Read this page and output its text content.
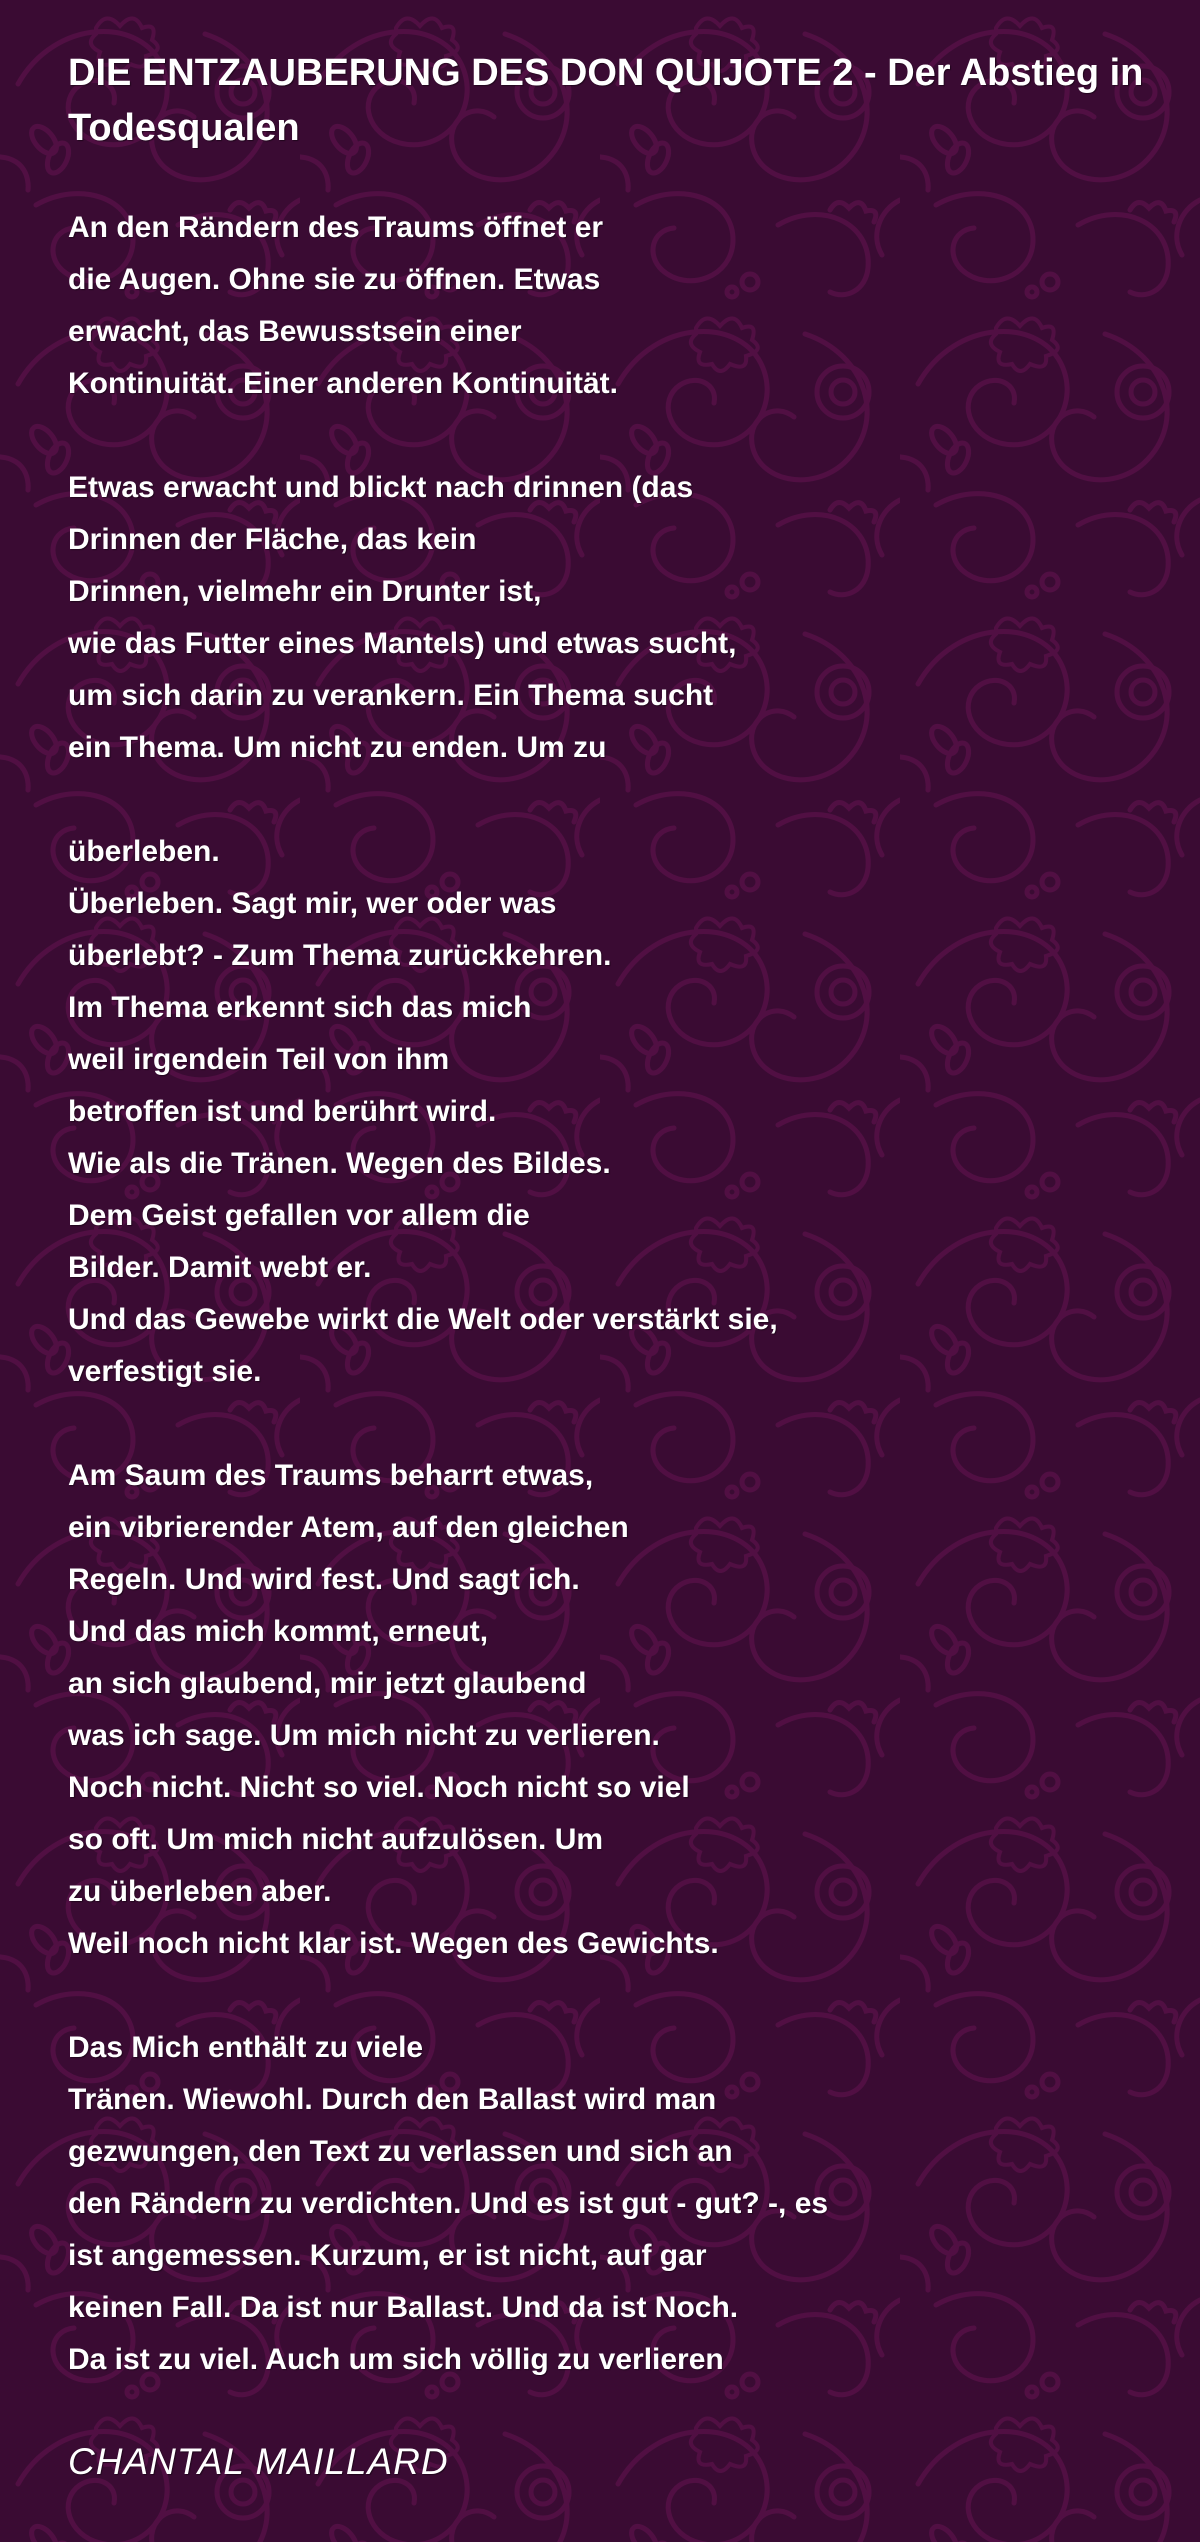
DIE ENTZAUBERUNG DES DON QUIJOTE 2 - Der Abstieg in
Todesqualen
An den Rändern des Traums öffnet er
die Augen. Ohne sie zu öffnen. Etwas
erwacht, das Bewusstsein einer
Kontinuität. Einer anderen Kontinuität.
Etwas erwacht und blickt nach drinnen (das
Drinnen der Fläche, das kein
Drinnen, vielmehr ein Drunter ist,
wie das Futter eines Mantels) und etwas sucht,
um sich darin zu verankern. Ein Thema sucht
ein Thema. Um nicht zu enden. Um zu
überleben.
Überleben. Sagt mir, wer oder was
überlebt? - Zum Thema zurückkehren.
Im Thema erkennt sich das mich
weil irgendein Teil von ihm
betroffen ist und berührt wird.
Wie als die Tränen. Wegen des Bildes.
Dem Geist gefallen vor allem die
Bilder. Damit webt er.
Und das Gewebe wirkt die Welt oder verstärkt sie,
verfestigt sie.
Am Saum des Traums beharrt etwas,
ein vibrierender Atem, auf den gleichen
Regeln. Und wird fest. Und sagt ich.
Und das mich kommt, erneut,
an sich glaubend, mir jetzt glaubend
was ich sage. Um mich nicht zu verlieren.
Noch nicht. Nicht so viel. Noch nicht so viel
so oft. Um mich nicht aufzulösen. Um
zu überleben aber.
Weil noch nicht klar ist. Wegen des Gewichts.
Das Mich enthält zu viele
Tränen. Wiewohl. Durch den Ballast wird man
gezwungen, den Text zu verlassen und sich an
den Rändern zu verdichten. Und es ist gut - gut? -, es
ist angemessen. Kurzum, er ist nicht, auf gar
keinen Fall. Da ist nur Ballast. Und da ist Noch.
Da ist zu viel. Auch um sich völlig zu verlieren
CHANTAL MAILLARD
